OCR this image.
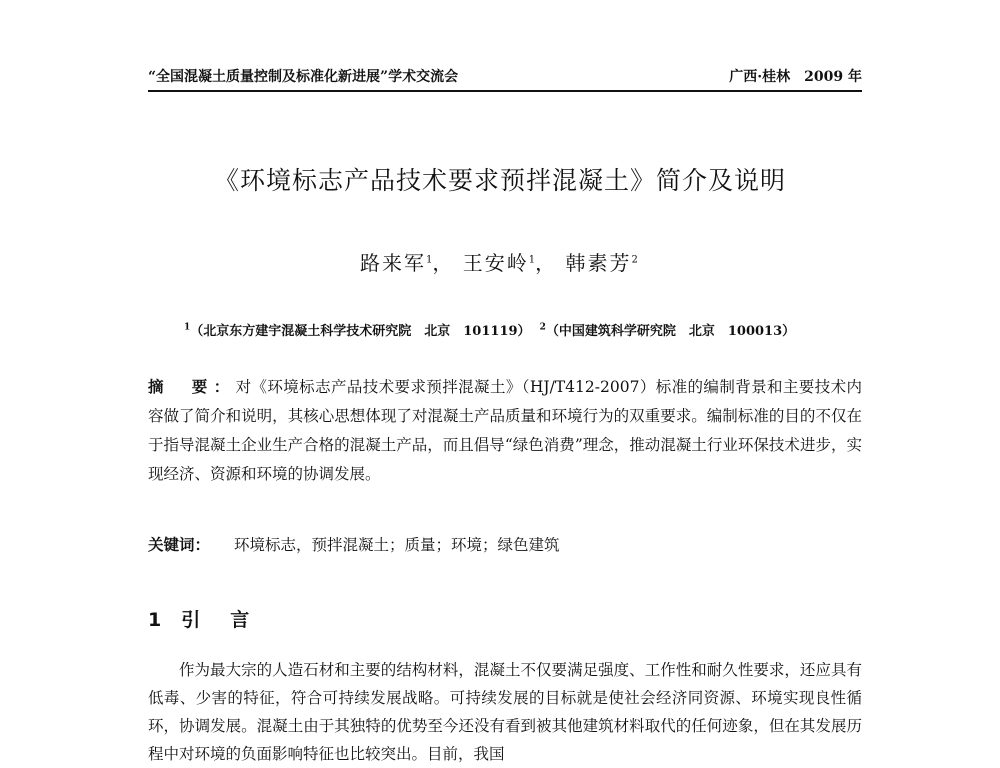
“全国混凝土质量控制及标准化新进展”学术交流会	广西·桂林　2009 年
《环境标志产品技术要求预拌混凝土》简介及说明
路来军$^1$， 王安岭$^1$， 韩素芳$^2$
$^1$（北京东方建宇混凝土科学技术研究院　北京　101119） $^2$（中国建筑科学研究院　北京　100013）
摘　要：对《环境标志产品技术要求预拌混凝土》（HJ/T412-2007）标准的编制背景和主要技术内容做了简介和说明，其核心思想体现了对混凝土产品质量和环境行为的双重要求。编制标准的目的不仅在于指导混凝土企业生产合格的混凝土产品，而且倡导“绿色消费”理念，推动混凝土行业环保技术进步，实现经济、资源和环境的协调发展。
关键词： 环境标志，预拌混凝土；质量；环境；绿色建筑
1 引言
作为最大宗的人造石材和主要的结构材料，混凝土不仅要满足强度、工作性和耐久性要求，还应具有低毒、少害的特征，符合可持续发展战略。可持续发展的目标就是使社会经济同资源、环境实现良性循环，协调发展。混凝土由于其独特的优势至今还没有看到被其他建筑材料取代的任何迹象，但在其发展历程中对环境的负面影响特征也比较突出。目前，我国
